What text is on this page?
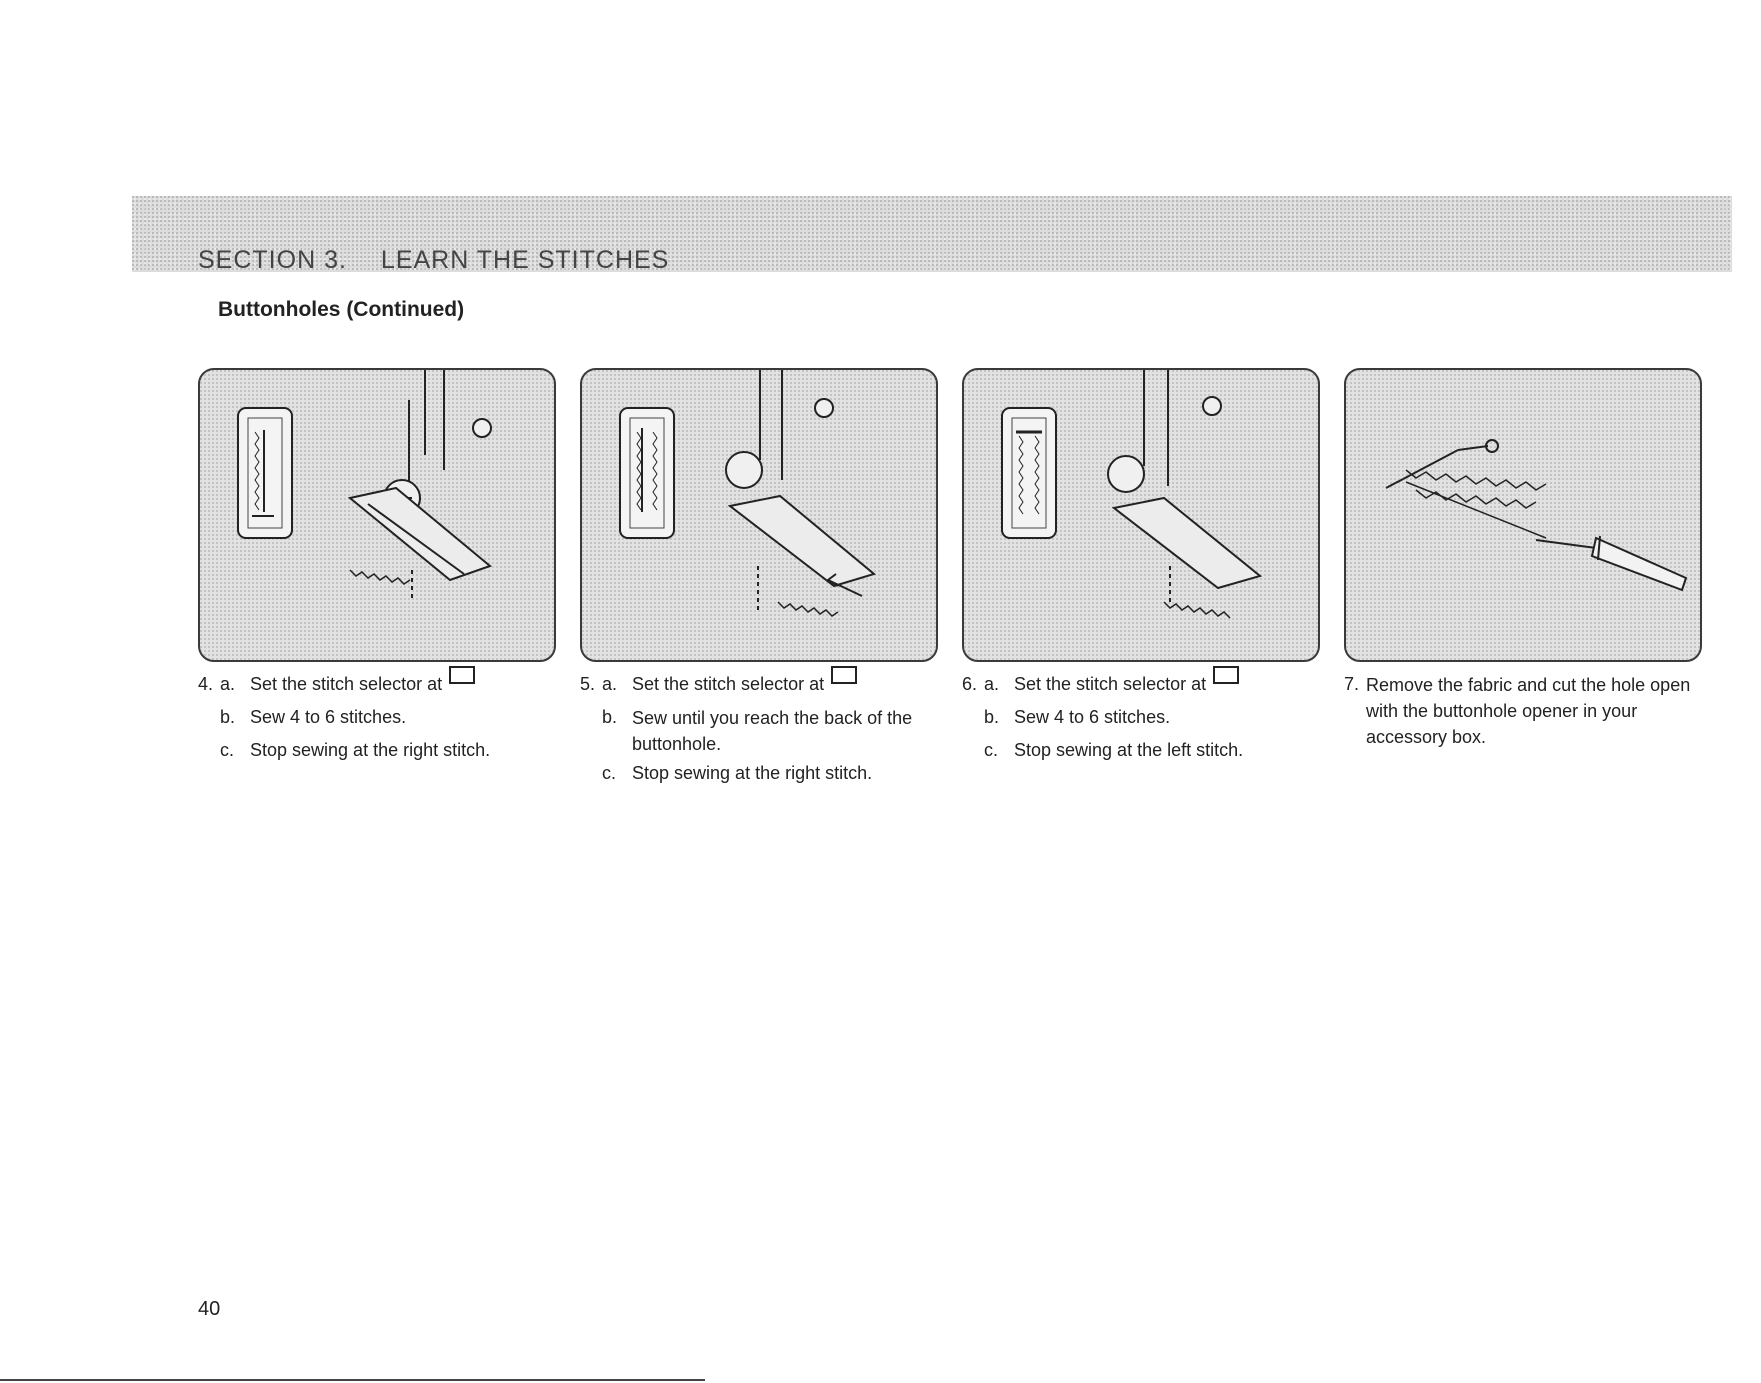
SECTION 3. LEARN THE STITCHES
Buttonholes (Continued)
4. a. Set the stitch selector at

b. Sew 4 to 6 stitches.
c. Stop sewing at the right stitch.
5. a. Set the stitch selector at

b. Sew until you reach the back of the buttonhole.
c. Stop sewing at the right stitch.
6. a. Set the stitch selector at

b. Sew 4 to 6 stitches.
c. Stop sewing at the left stitch.
7. Remove the fabric and cut the hole open with the buttonhole opener in your accessory box.
40
